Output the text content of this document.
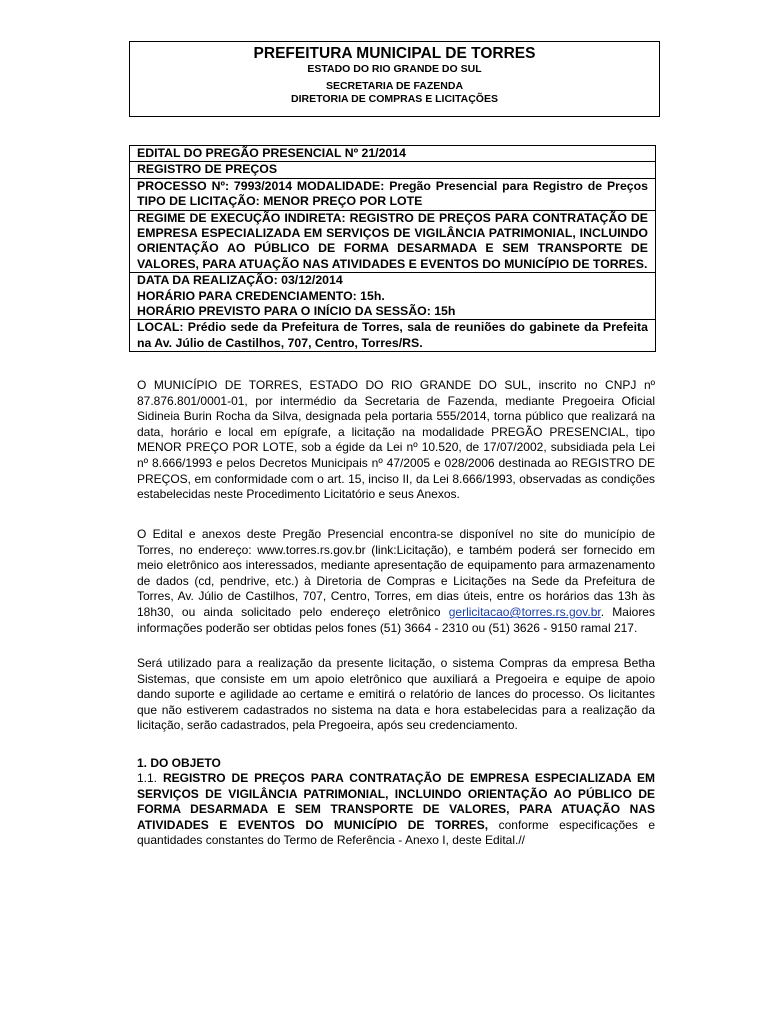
PREFEITURA MUNICIPAL DE TORRES
ESTADO DO RIO GRANDE DO SUL
SECRETARIA DE FAZENDA
DIRETORIA DE COMPRAS E LICITAÇÕES
EDITAL DO PREGÃO PRESENCIAL Nº 21/2014
REGISTRO DE PREÇOS
PROCESSO Nº: 7993/2014 MODALIDADE: Pregão Presencial para Registro de Preços TIPO DE LICITAÇÃO: MENOR PREÇO POR LOTE
REGIME DE EXECUÇÃO INDIRETA: REGISTRO DE PREÇOS PARA CONTRATAÇÃO DE EMPRESA ESPECIALIZADA EM SERVIÇOS DE VIGILÂNCIA PATRIMONIAL, INCLUINDO ORIENTAÇÃO AO PÚBLICO DE FORMA DESARMADA E SEM TRANSPORTE DE VALORES, PARA ATUAÇÃO NAS ATIVIDADES E EVENTOS DO MUNICÍPIO DE TORRES.
DATA DA REALIZAÇÃO: 03/12/2014
HORÁRIO PARA CREDENCIAMENTO: 15h.
HORÁRIO PREVISTO PARA O INÍCIO DA SESSÃO: 15h
LOCAL: Prédio sede da Prefeitura de Torres, sala de reuniões do gabinete da Prefeita na Av. Júlio de Castilhos, 707, Centro, Torres/RS.
O MUNICÍPIO DE TORRES, ESTADO DO RIO GRANDE DO SUL, inscrito no CNPJ nº 87.876.801/0001-01, por intermédio da Secretaria de Fazenda, mediante Pregoeira Oficial Sidineia Burin Rocha da Silva, designada pela portaria 555/2014, torna público que realizará na data, horário e local em epígrafe, a licitação na modalidade PREGÃO PRESENCIAL, tipo MENOR PREÇO POR LOTE, sob a égide da Lei nº 10.520, de 17/07/2002, subsidiada pela Lei nº 8.666/1993 e pelos Decretos Municipais nº 47/2005 e 028/2006 destinada ao REGISTRO DE PREÇOS, em conformidade com o art. 15, inciso II, da Lei 8.666/1993, observadas as condições estabelecidas neste Procedimento Licitatório e seus Anexos.
O Edital e anexos deste Pregão Presencial encontra-se disponível no site do município de Torres, no endereço: www.torres.rs.gov.br (link:Licitação), e também poderá ser fornecido em meio eletrônico aos interessados, mediante apresentação de equipamento para armazenamento de dados (cd, pendrive, etc.) à Diretoria de Compras e Licitações na Sede da Prefeitura de Torres, Av. Júlio de Castilhos, 707, Centro, Torres, em dias úteis, entre os horários das 13h às 18h30, ou ainda solicitado pelo endereço eletrônico gerlicitacao@torres.rs.gov.br. Maiores informações poderão ser obtidas pelos fones (51) 3664 - 2310 ou (51) 3626 - 9150 ramal 217.
Será utilizado para a realização da presente licitação, o sistema Compras da empresa Betha Sistemas, que consiste em um apoio eletrônico que auxiliará a Pregoeira e equipe de apoio dando suporte e agilidade ao certame e emitirá o relatório de lances do processo. Os licitantes que não estiverem cadastrados no sistema na data e hora estabelecidas para a realização da licitação, serão cadastrados, pela Pregoeira, após seu credenciamento.
1. DO OBJETO
1.1. REGISTRO DE PREÇOS PARA CONTRATAÇÃO DE EMPRESA ESPECIALIZADA EM SERVIÇOS DE VIGILÂNCIA PATRIMONIAL, INCLUINDO ORIENTAÇÃO AO PÚBLICO DE FORMA DESARMADA E SEM TRANSPORTE DE VALORES, PARA ATUAÇÃO NAS ATIVIDADES E EVENTOS DO MUNICÍPIO DE TORRES, conforme especificações e quantidades constantes do Termo de Referência - Anexo I, deste Edital.//
